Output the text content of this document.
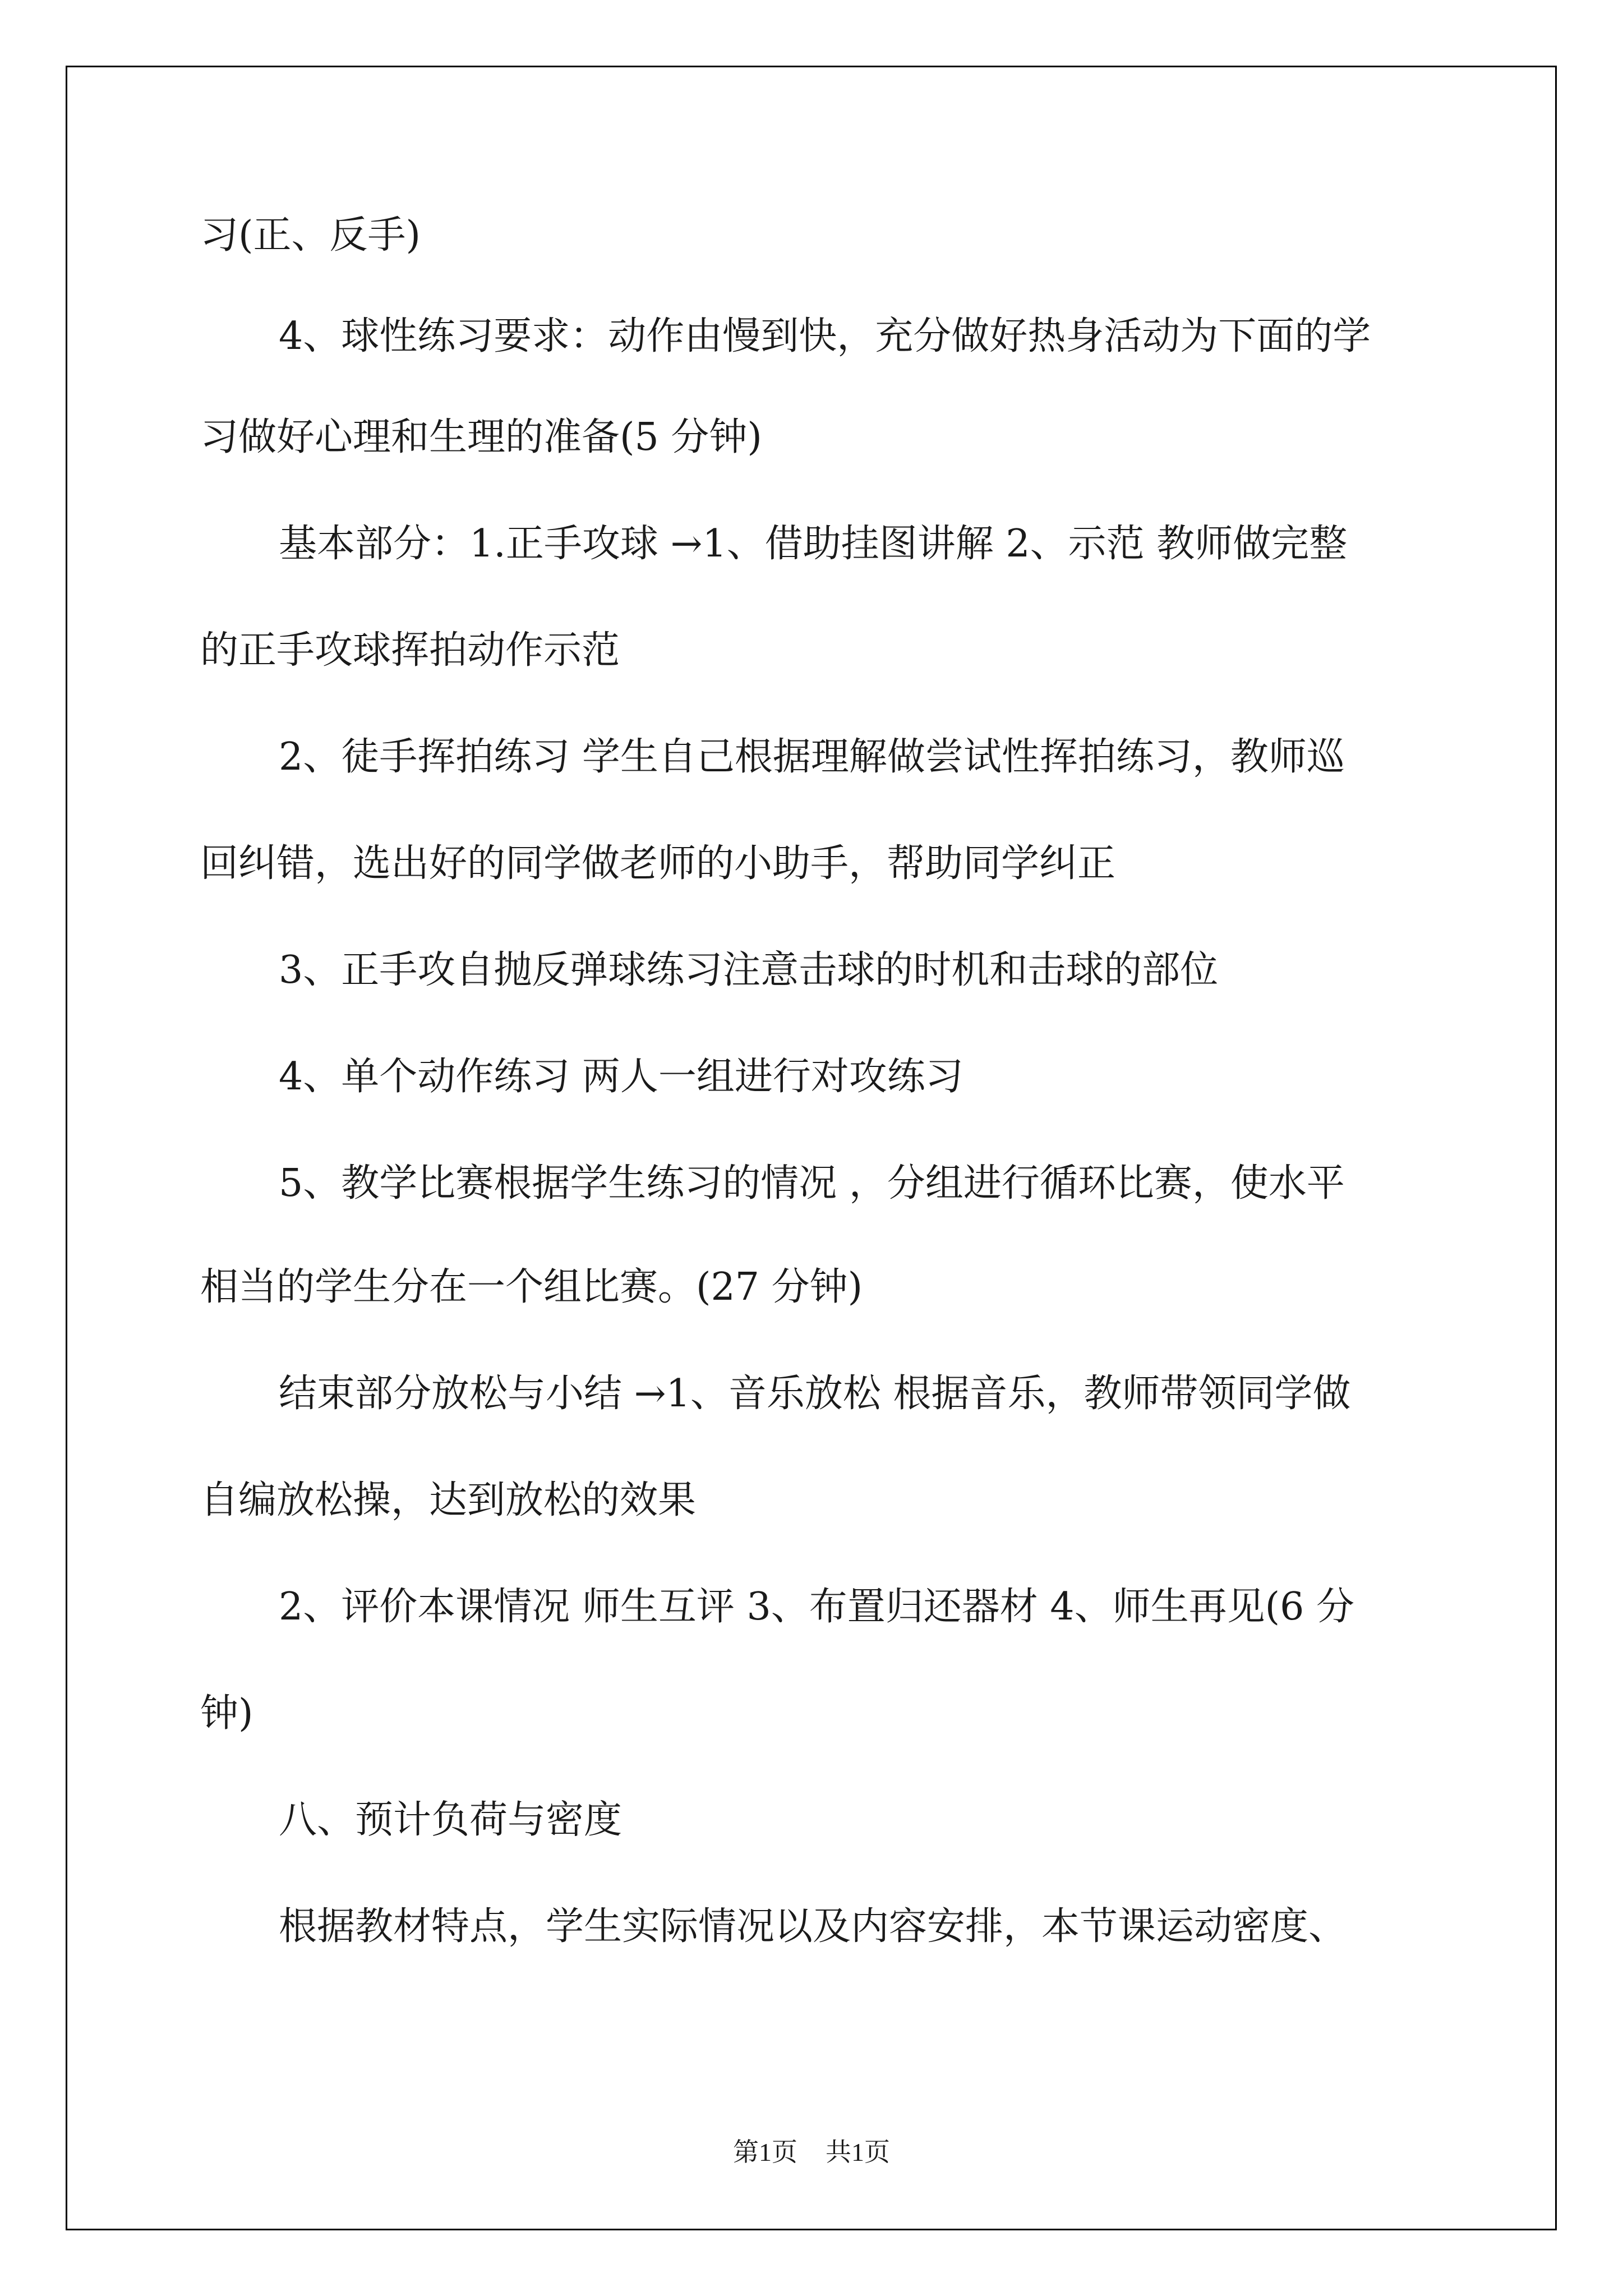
习(正、反手)
4、球性练习要求：动作由慢到快，充分做好热身活动为下面的学
习做好心理和生理的准备(5 分钟)
基本部分：1.正手攻球 →1、借助挂图讲解 2、示范 教师做完整
的正手攻球挥拍动作示范
2、徒手挥拍练习 学生自己根据理解做尝试性挥拍练习，教师巡
回纠错，选出好的同学做老师的小助手，帮助同学纠正
3、正手攻自抛反弹球练习注意击球的时机和击球的部位
4、单个动作练习 两人一组进行对攻练习
5、教学比赛根据学生练习的情况 ，分组进行循环比赛，使水平
相当的学生分在一个组比赛。(27 分钟)
结束部分放松与小结 →1、音乐放松 根据音乐，教师带领同学做
自编放松操，达到放松的效果
2、评价本课情况 师生互评 3、布置归还器材 4、师生再见(6 分
钟)
八、预计负荷与密度
根据教材特点，学生实际情况以及内容安排，本节课运动密度、
第1页 共1页
